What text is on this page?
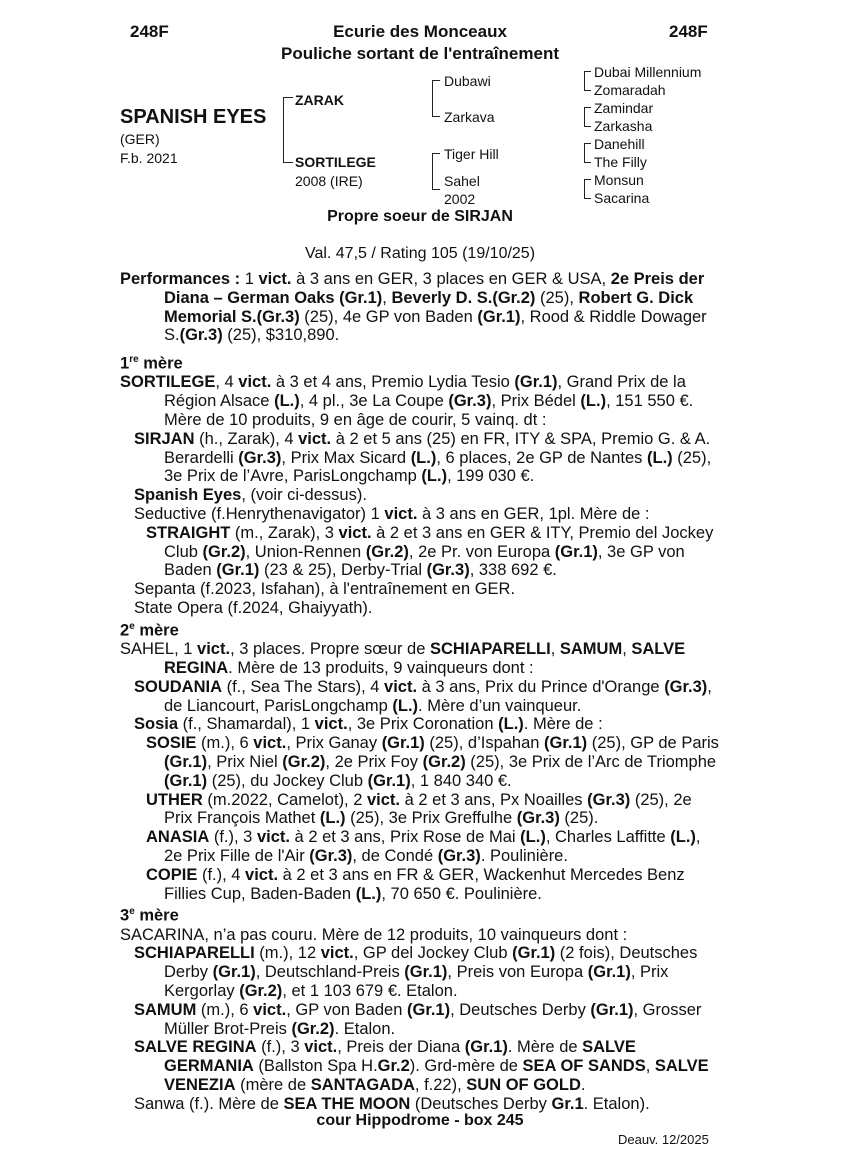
248F	Ecurie des Monceaux	248F
Pouliche sortant de l'entraînement
SPANISH EYES
(GER)
F.b. 2021
ZARAK
SORTILEGE
2008 (IRE)
Dubawi
Zarkava
Tiger Hill
Sahel
2002
Dubai Millennium
Zomaradah
Zamindar
Zarkasha
Danehill
The Filly
Monsun
Sacarina
Propre soeur de SIRJAN
Val. 47,5 / Rating 105 (19/10/25)

Performances : 1 vict. à 3 ans en GER, 3 places en GER & USA, 2e Preis der Diana – German Oaks (Gr.1), Beverly D. S.(Gr.2) (25), Robert G. Dick Memorial S.(Gr.3) (25), 4e GP von Baden (Gr.1), Rood & Riddle Dowager S.(Gr.3) (25), $310,890.

1re mère

SORTILEGE, 4 vict. à 3 et 4 ans, Premio Lydia Tesio (Gr.1), Grand Prix de la Région Alsace (L.), 4 pl., 3e La Coupe (Gr.3), Prix Bédel (L.), 151 550 €. Mère de 10 produits, 9 en âge de courir, 5 vainq. dt :

SIRJAN (h., Zarak), 4 vict. à 2 et 5 ans (25) en FR, ITY & SPA, Premio G. & A. Berardelli (Gr.3), Prix Max Sicard (L.), 6 places, 2e GP de Nantes (L.) (25), 3e Prix de l’Avre, ParisLongchamp (L.), 199 030 €.

Spanish Eyes, (voir ci-dessus).

Seductive (f.Henrythenavigator) 1 vict. à 3 ans en GER, 1pl. Mère de :

STRAIGHT (m., Zarak), 3 vict. à 2 et 3 ans en GER & ITY, Premio del Jockey Club (Gr.2), Union-Rennen (Gr.2), 2e Pr. von Europa (Gr.1), 3e GP von Baden (Gr.1) (23 & 25), Derby-Trial (Gr.3), 338 692 €.

Sepanta (f.2023, Isfahan), à l'entraînement en GER.

State Opera (f.2024, Ghaiyyath).

2e mère

SAHEL, 1 vict., 3 places. Propre sœur de SCHIAPARELLI, SAMUM, SALVE REGINA. Mère de 13 produits, 9 vainqueurs dont :

SOUDANIA (f., Sea The Stars), 4 vict. à 3 ans, Prix du Prince d'Orange (Gr.3), de Liancourt, ParisLongchamp (L.). Mère d’un vainqueur.

Sosia (f., Shamardal), 1 vict., 3e Prix Coronation (L.). Mère de :

SOSIE (m.), 6 vict., Prix Ganay (Gr.1) (25), d’Ispahan (Gr.1) (25), GP de Paris (Gr.1), Prix Niel (Gr.2), 2e Prix Foy (Gr.2) (25), 3e Prix de l’Arc de Triomphe (Gr.1) (25), du Jockey Club (Gr.1), 1 840 340 €.

UTHER (m.2022, Camelot), 2 vict. à 2 et 3 ans, Px Noailles (Gr.3) (25), 2e Prix François Mathet (L.) (25), 3e Prix Greffulhe (Gr.3) (25).

ANASIA (f.), 3 vict. à 2 et 3 ans, Prix Rose de Mai (L.), Charles Laffitte (L.), 2e Prix Fille de l'Air (Gr.3), de Condé (Gr.3). Poulinière.

COPIE (f.), 4 vict. à 2 et 3 ans en FR & GER, Wackenhut Mercedes Benz Fillies Cup, Baden-Baden (L.), 70 650 €. Poulinière.

3e mère

SACARINA, n’a pas couru. Mère de 12 produits, 10 vainqueurs dont :

SCHIAPARELLI (m.), 12 vict., GP del Jockey Club (Gr.1) (2 fois), Deutsches Derby (Gr.1), Deutschland-Preis (Gr.1), Preis von Europa (Gr.1), Prix Kergorlay (Gr.2), et 1 103 679 €. Etalon.

SAMUM (m.), 6 vict., GP von Baden (Gr.1), Deutsches Derby (Gr.1), Grosser Müller Brot-Preis (Gr.2). Etalon.

SALVE REGINA (f.), 3 vict., Preis der Diana (Gr.1). Mère de SALVE GERMANIA (Ballston Spa H.Gr.2). Grd-mère de SEA OF SANDS, SALVE VENEZIA (mère de SANTAGADA, f.22), SUN OF GOLD.

Sanwa (f.). Mère de SEA THE MOON (Deutsches Derby Gr.1. Etalon).

cour Hippodrome - box 245
Deauv. 12/2025
